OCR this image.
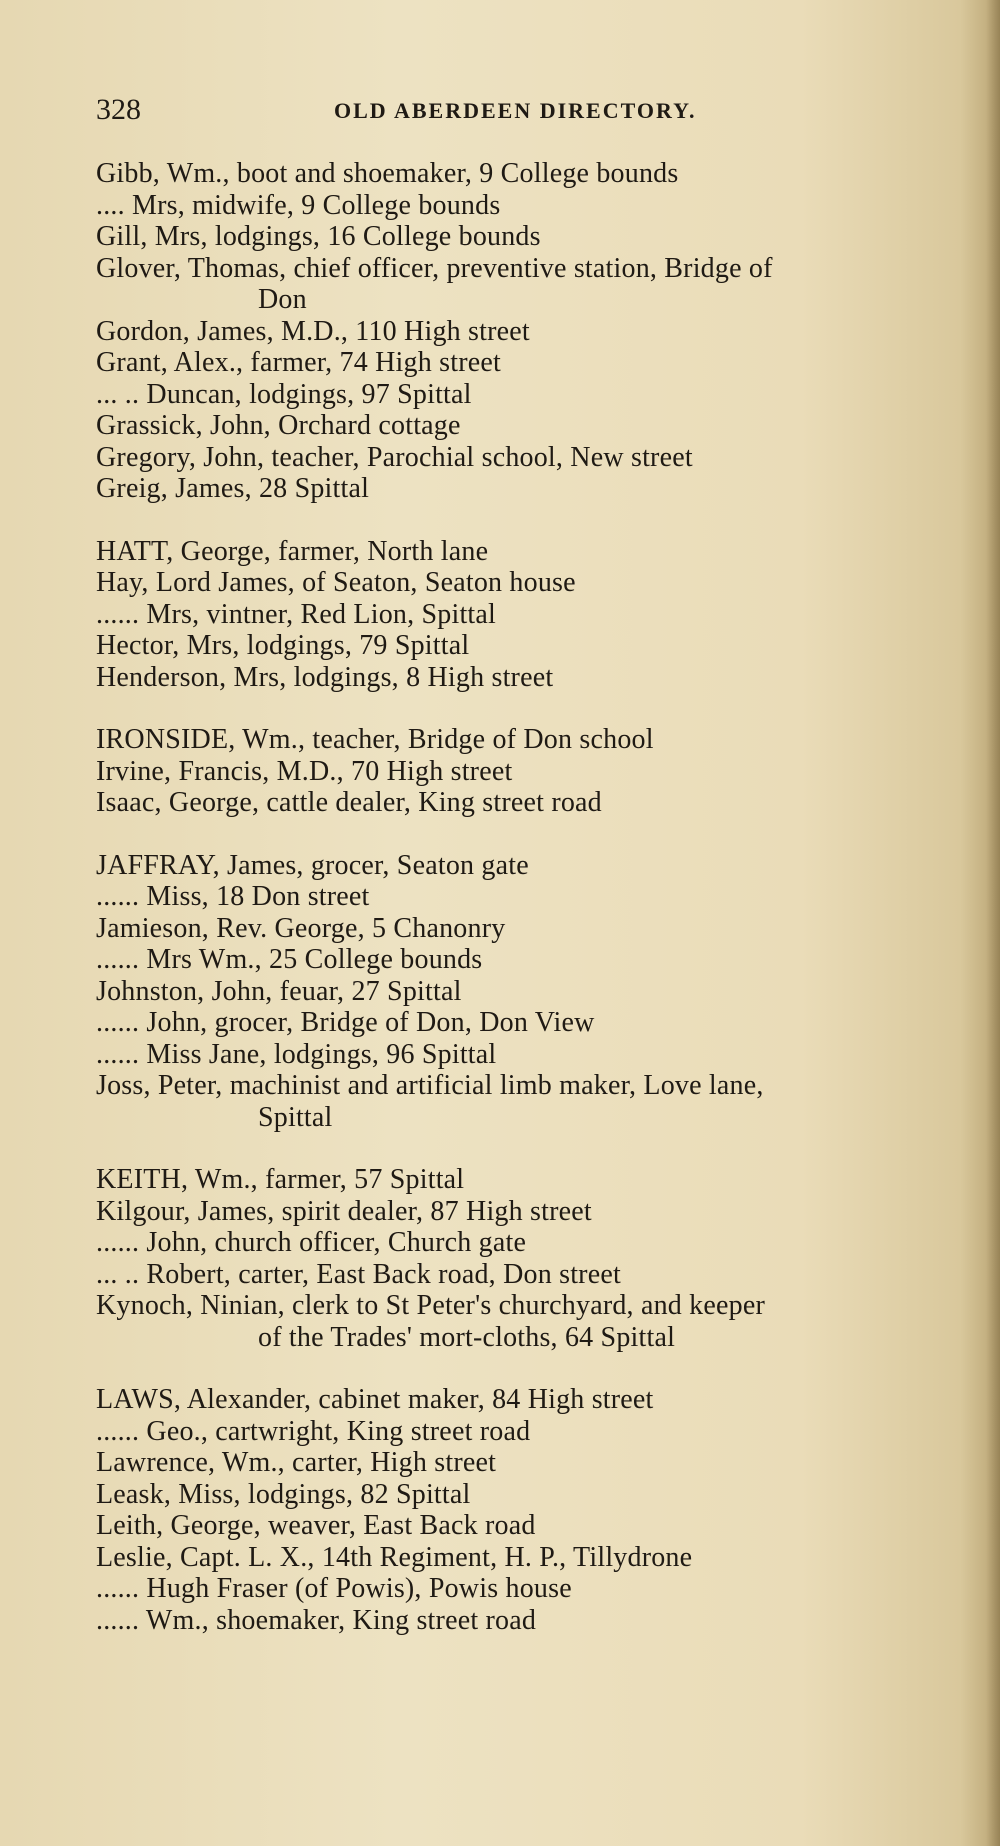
328	OLD ABERDEEN DIRECTORY.
Gibb, Wm., boot and shoemaker, 9 College bounds
.... Mrs, midwife, 9 College bounds
Gill, Mrs, lodgings, 16 College bounds
Glover, Thomas, chief officer, preventive station, Bridge of
Don
Gordon, James, M.D., 110 High street
Grant, Alex., farmer, 74 High street
... .. Duncan, lodgings, 97 Spittal
Grassick, John, Orchard cottage
Gregory, John, teacher, Parochial school, New street
Greig, James, 28 Spittal
HATT, George, farmer, North lane
Hay, Lord James, of Seaton, Seaton house
...... Mrs, vintner, Red Lion, Spittal
Hector, Mrs, lodgings, 79 Spittal
Henderson, Mrs, lodgings, 8 High street
IRONSIDE, Wm., teacher, Bridge of Don school
Irvine, Francis, M.D., 70 High street
Isaac, George, cattle dealer, King street road
JAFFRAY, James, grocer, Seaton gate
...... Miss, 18 Don street
Jamieson, Rev. George, 5 Chanonry
...... Mrs Wm., 25 College bounds
Johnston, John, feuar, 27 Spittal
...... John, grocer, Bridge of Don, Don View
...... Miss Jane, lodgings, 96 Spittal
Joss, Peter, machinist and artificial limb maker, Love lane,
Spittal
KEITH, Wm., farmer, 57 Spittal
Kilgour, James, spirit dealer, 87 High street
...... John, church officer, Church gate
... .. Robert, carter, East Back road, Don street
Kynoch, Ninian, clerk to St Peter's churchyard, and keeper
of the Trades' mort-cloths, 64 Spittal
LAWS, Alexander, cabinet maker, 84 High street
...... Geo., cartwright, King street road
Lawrence, Wm., carter, High street
Leask, Miss, lodgings, 82 Spittal
Leith, George, weaver, East Back road
Leslie, Capt. L. X., 14th Regiment, H. P., Tillydrone
...... Hugh Fraser (of Powis), Powis house
...... Wm., shoemaker, King street road
